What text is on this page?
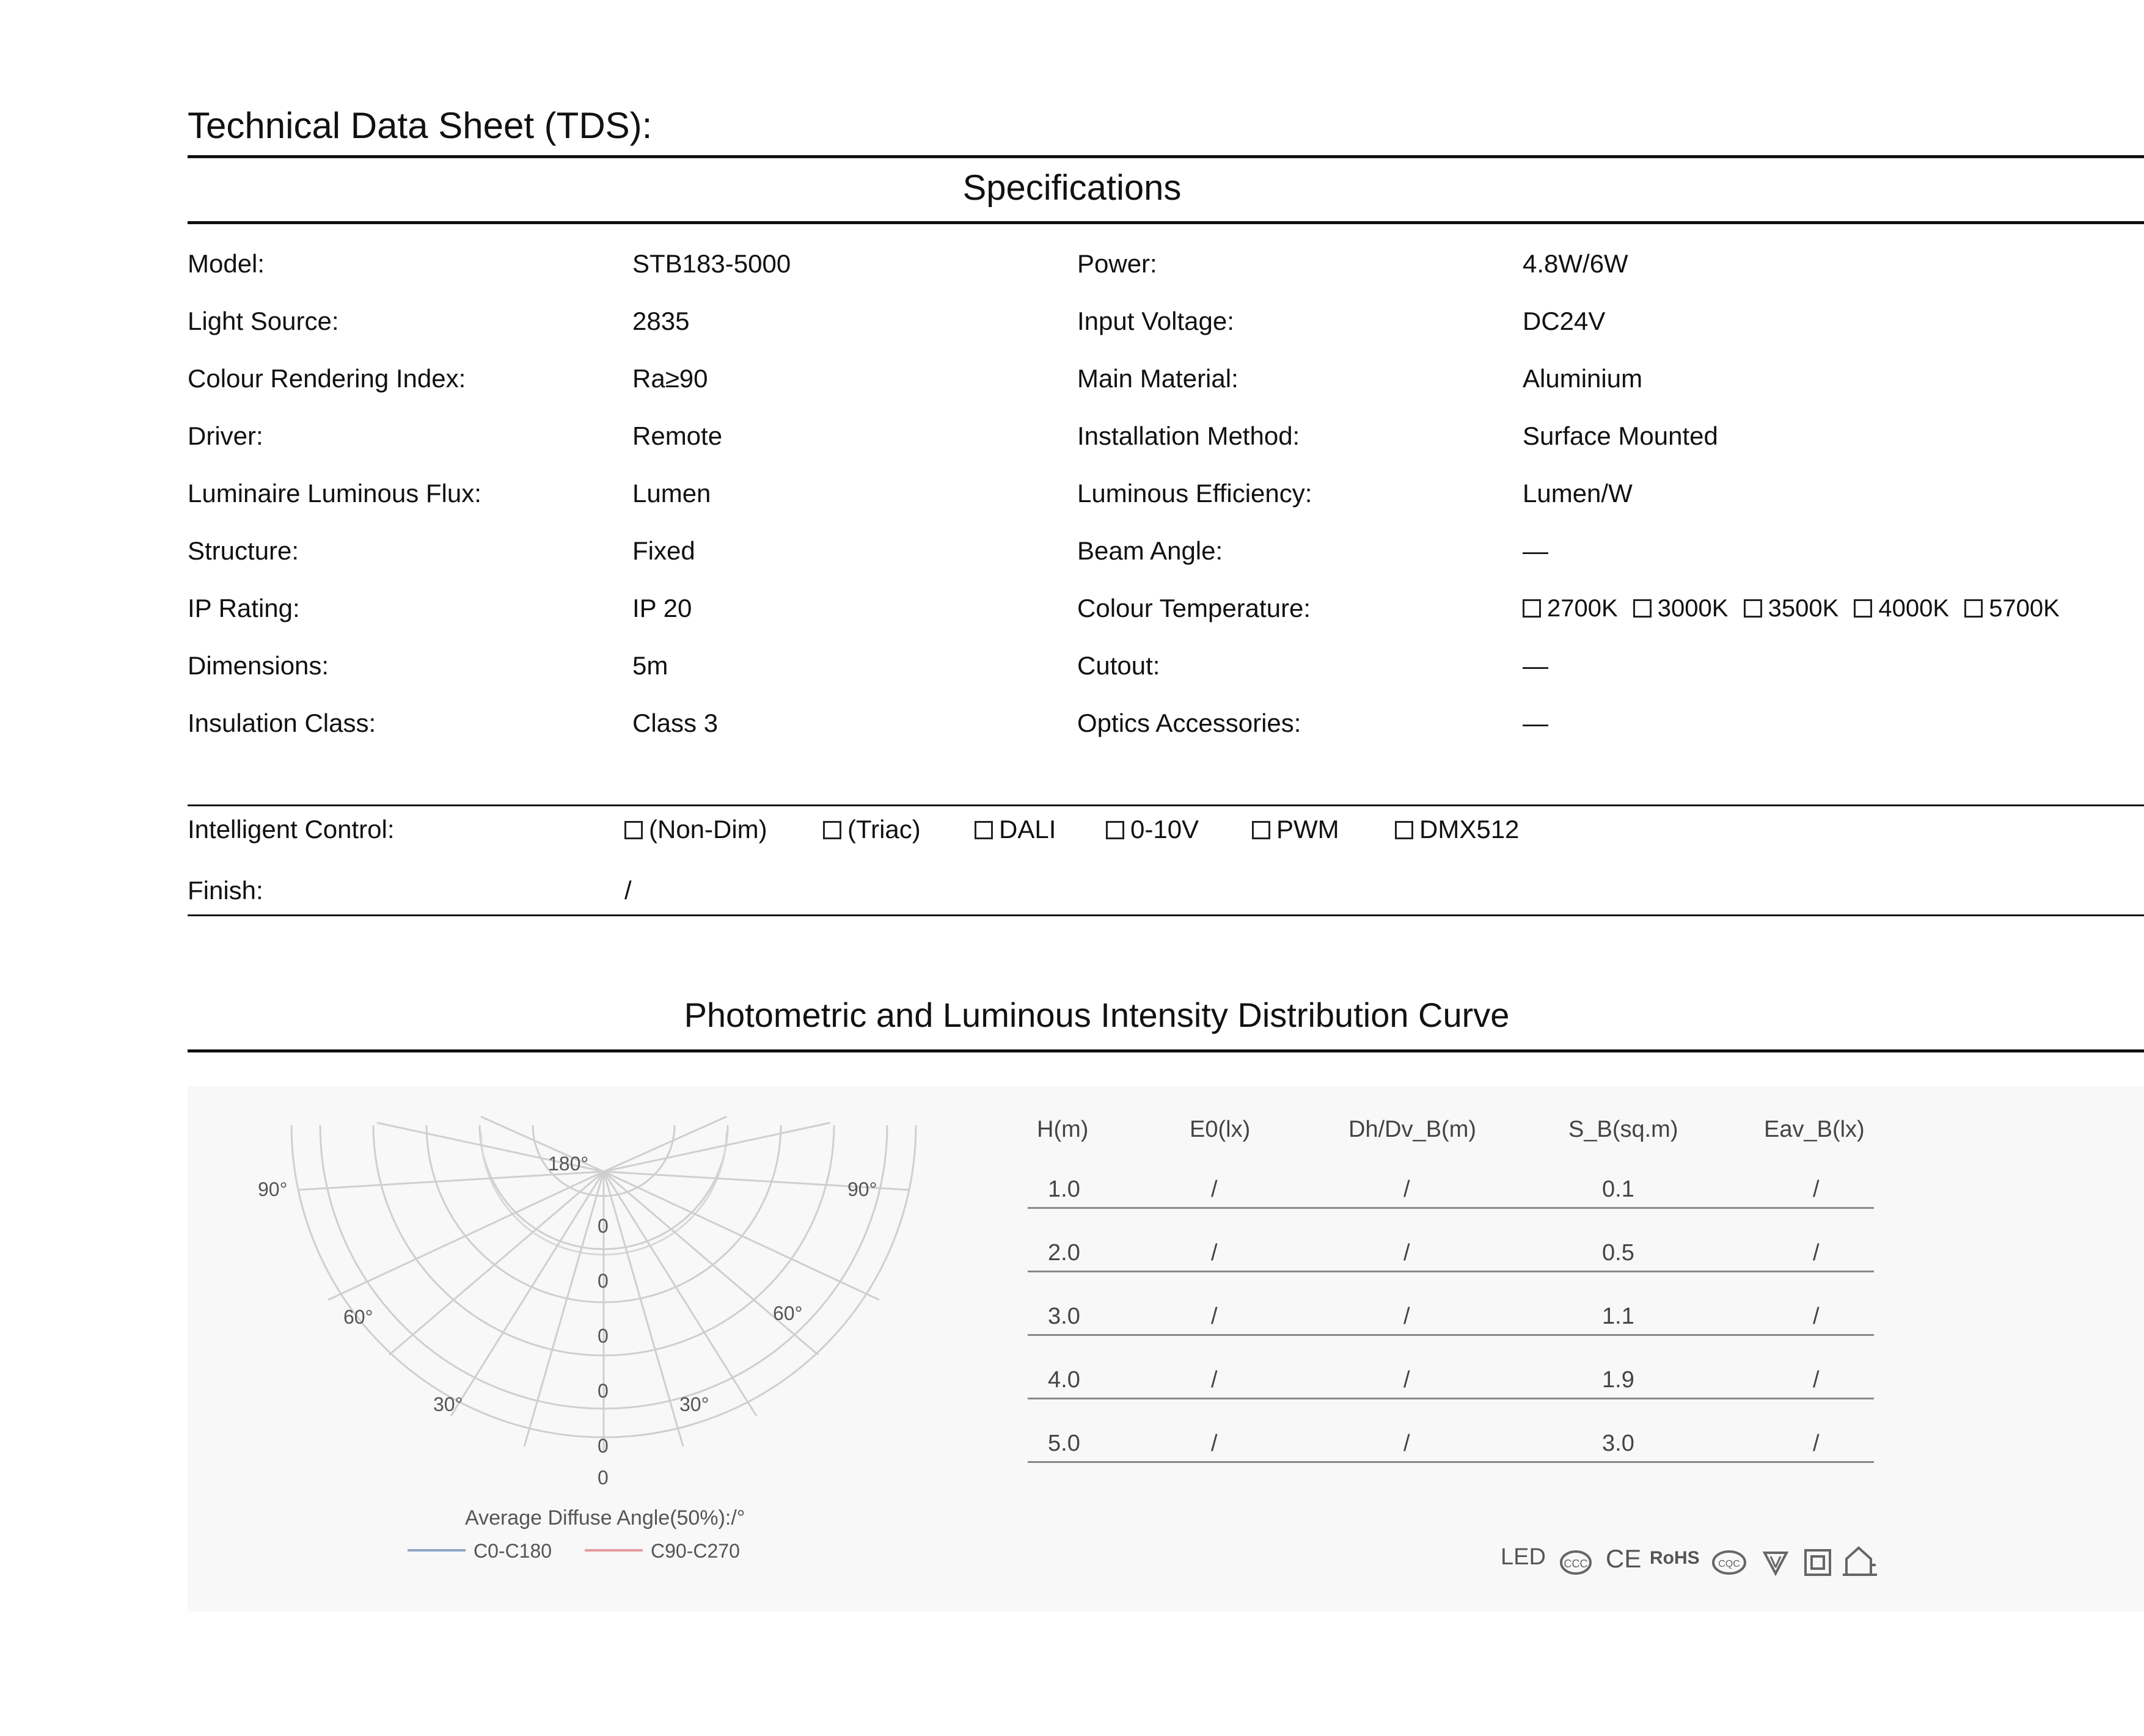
Technical Data Sheet (TDS):
Specifications
Model:	STB183-5000	Power:	4.8W/6W
Light Source:	2835	Input Voltage:	DC24V
Colour Rendering Index:	Ra≥90	Main Material:	Aluminium
Driver:	Remote	Installation Method:	Surface Mounted
Luminaire Luminous Flux:	Lumen	Luminous Efficiency:	Lumen/W
Structure:	Fixed	Beam Angle:	—
IP Rating:	IP 20	Colour Temperature:	2700K 3000K 3500K 4000K 5700K
Dimensions:	5m	Cutout:	—
Insulation Class:	Class 3	Optics Accessories:	—
Intelligent Control:	(Non-Dim)	(Triac)	DALI	0-10V	PWM	DMX512
Finish:	/
Photometric and Luminous Intensity Distribution Curve
90°	90°
60°	60°
30°	30°
180°
0
0
0
0
0
0
Average Diffuse Angle(50%):/°
C0-C180	C90-C270
H(m)	E0(lx)	Dh/Dv_B(m)	S_B(sq.m)	Eav_B(lx)
1.0	/	/	0.1	/
2.0	/	/	0.5	/
3.0	/	/	1.1	/
4.0	/	/	1.9	/
5.0	/	/	3.0	/
LED CCC CE RoHS CQC
